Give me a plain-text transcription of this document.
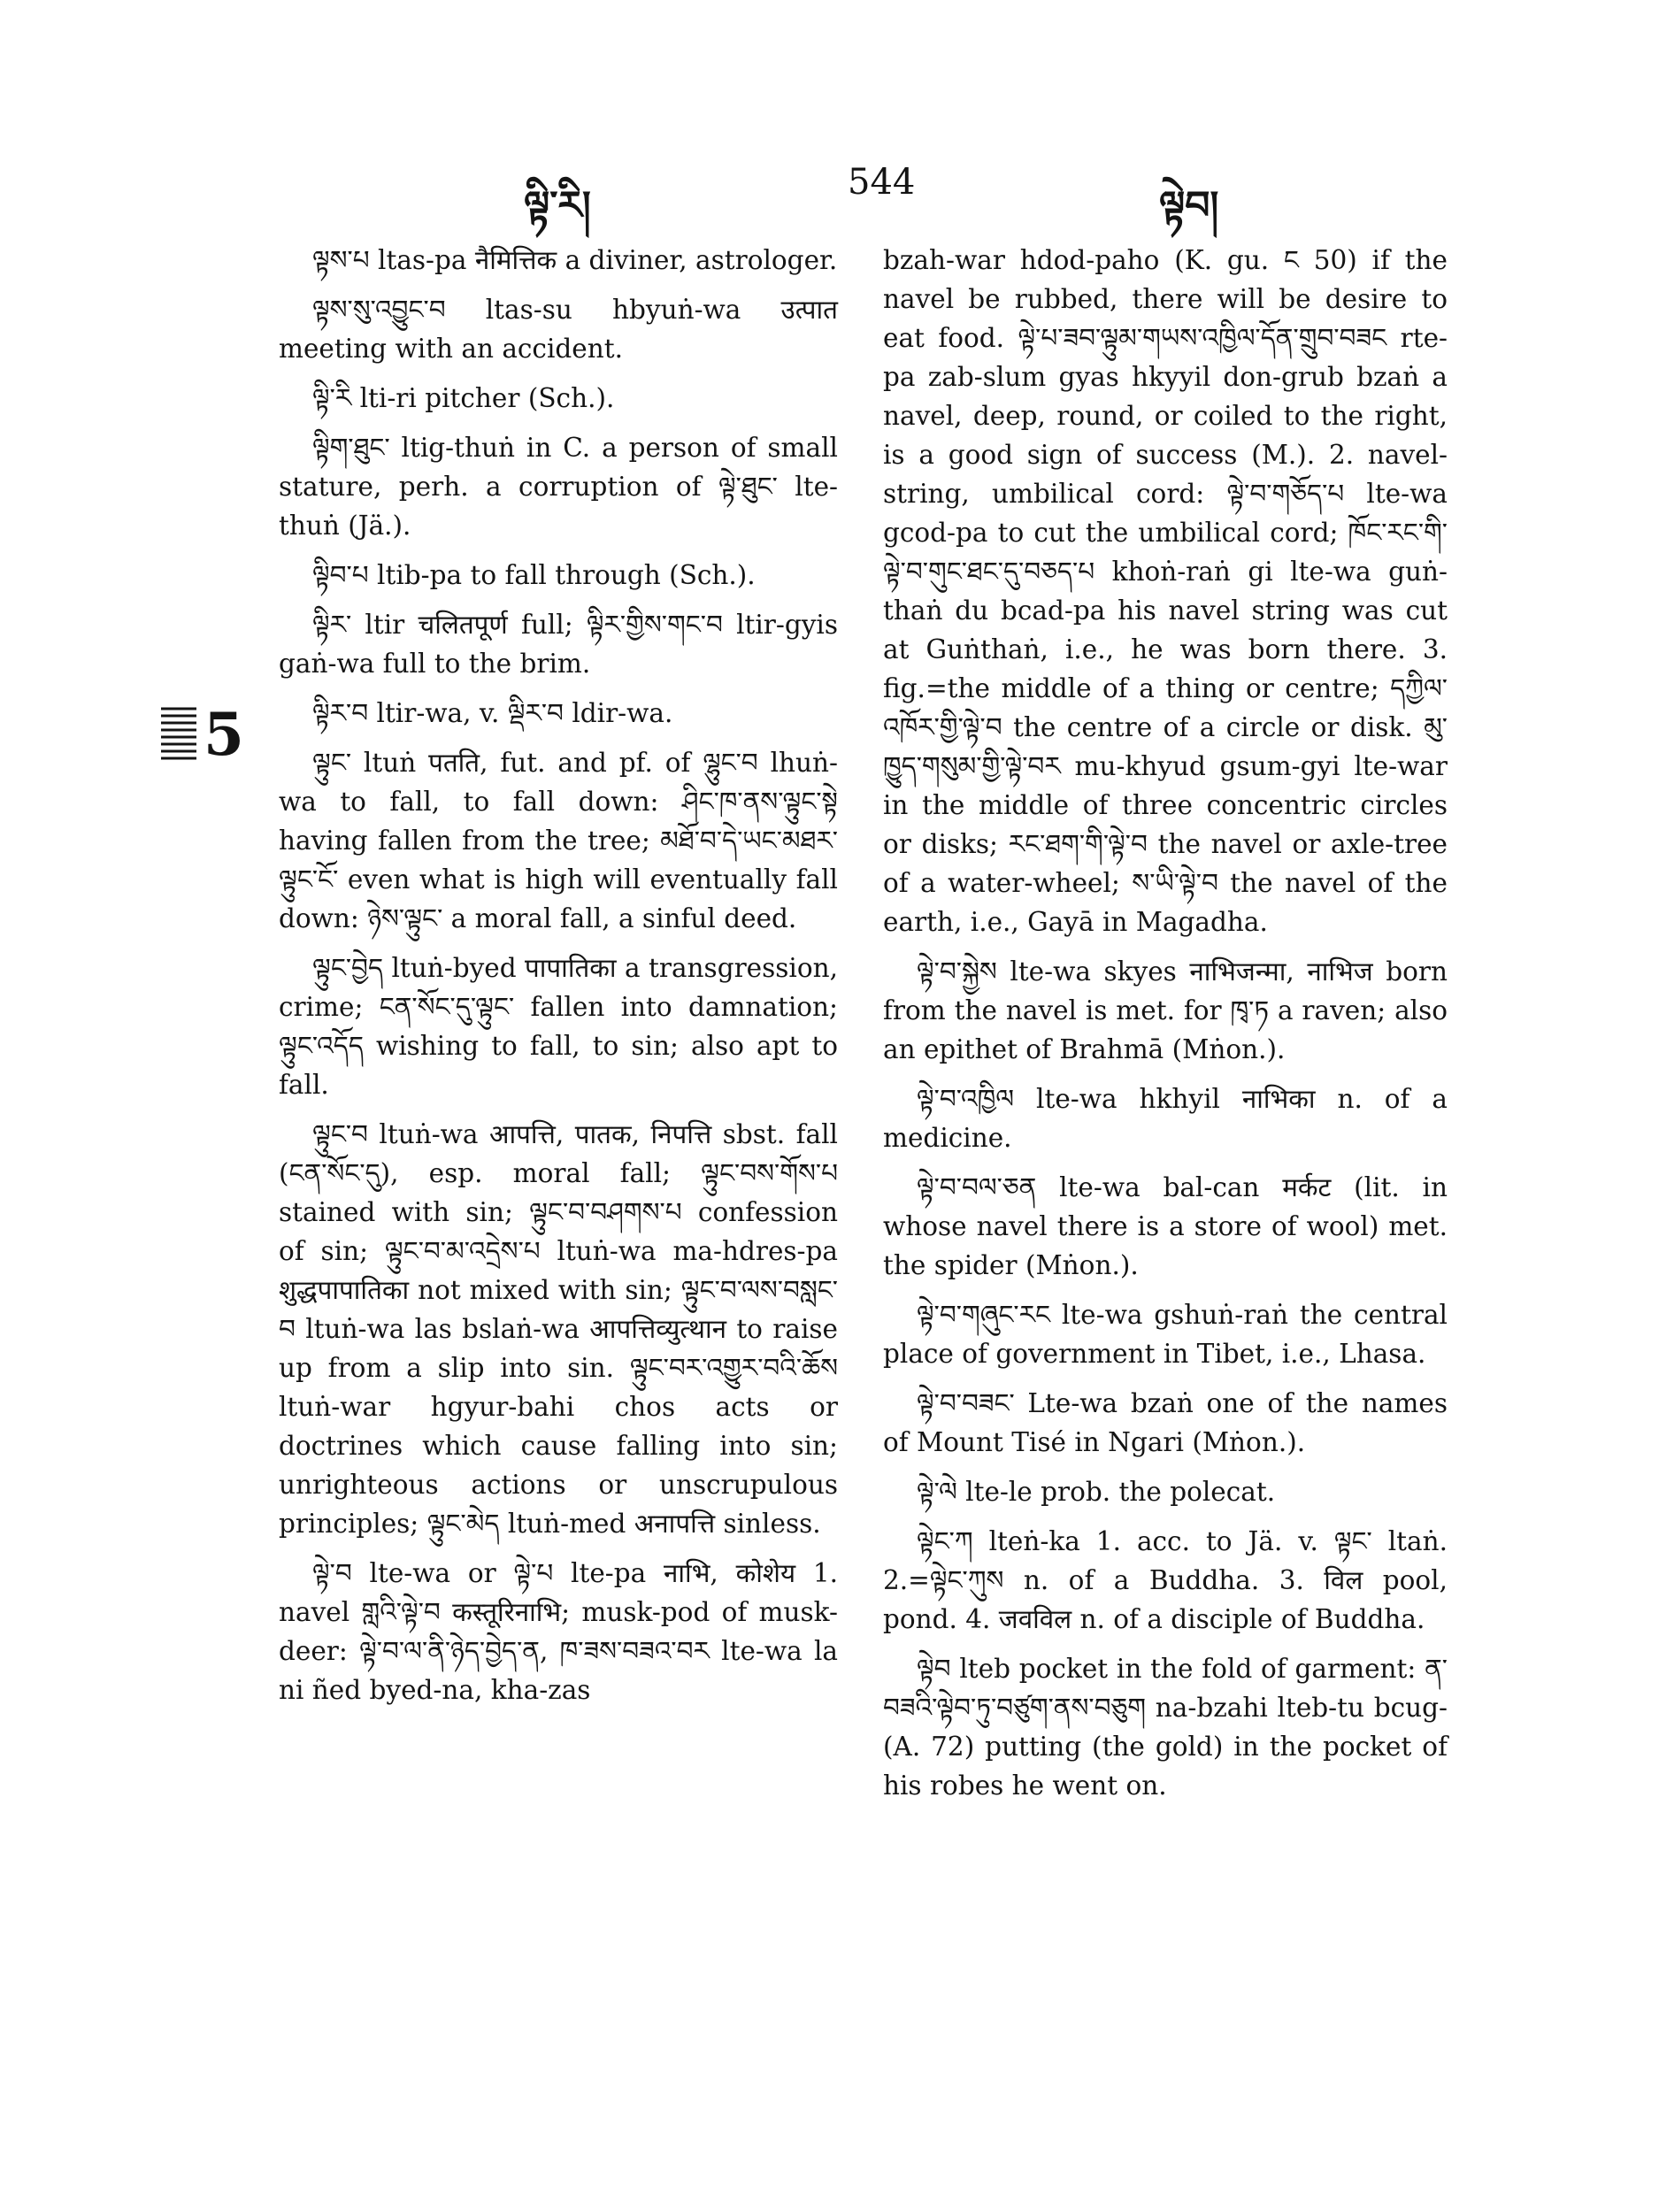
ལྟི་རི།
544
ལྟེབ།
5

ལྟས་པ ltas-pa नैमित्तिक a diviner, astrologer.

ལྟས་སུ་འབྱུང་བ ltas-su hbyuṅ-wa उत्पात meeting with an accident.

ལྟི་རི lti-ri pitcher (Sch.).

ལྟིག་ཐུང་ ltig-thuṅ in C. a person of small stature, perh. a corruption of ལྟེ་ཐུང་ lte-thuṅ (Jä.).

ལྟིབ་པ ltib-pa to fall through (Sch.).

ལྟིར་ ltir चलितपूर्ण full; ལྟིར་གྱིས་གང་བ ltir-gyis gaṅ-wa full to the brim.

ལྟིར་བ ltir-wa, v. ལྡིར་བ ldir-wa.

ལྟུང་ ltuṅ पतति, fut. and pf. of ལྷུང་བ lhuṅ-wa to fall, to fall down: ཤིང་ཁ་ནས་ལྟུང་སྟེ having fallen from the tree; མཐོ་བ་དེ་ཡང་མཐར་ལྟུང་ངོ་ even what is high will eventually fall down: ཉེས་ལྟུང་ a moral fall, a sinful deed.

ལྟུང་བྱེད ltuṅ-byed पापातिका a transgression, crime; ངན་སོང་དུ་ལྟུང་ fallen into damnation; ལྟུང་འདོད wishing to fall, to sin; also apt to fall.

ལྟུང་བ ltuṅ-wa आपत्ति, पातक, निपत्ति sbst. fall (ངན་སོང་དུ), esp. moral fall; ལྟུང་བས་གོས་པ stained with sin; ལྟུང་བ་བཤགས་པ confession of sin; ལྟུང་བ་མ་འདྲེས་པ ltuṅ-wa ma-hdres-pa शुद्धपापातिका not mixed with sin; ལྟུང་བ་ལས་བསླང་བ ltuṅ-wa las bslaṅ-wa आपत्तिव्युत्थान to raise up from a slip into sin. ལྟུང་བར་འགྱུར་བའི་ཆོས ltuṅ-war hgyur-bahi chos acts or doctrines which cause falling into sin; unrighteous actions or unscrupulous principles; ལྟུང་མེད ltuṅ-med अनापत्ति sinless.

ལྟེ་བ lte-wa or ལྟེ་པ lte-pa नाभि, कोशेय 1. navel གླའི་ལྟེ་བ कस्तूरिनाभि; musk-pod of musk-deer: ལྟེ་བ་ལ་ནི་ཉེད་བྱེད་ན, ཁ་ཟས་བཟའ་བར lte-wa la ni ñed byed-na, kha-zas

bzah-war hdod-paho (K. gu. ང 50) if the navel be rubbed, there will be desire to eat food. ལྟེ་པ་ཟབ་ལྟུམ་གཡས་འཁྱིལ་དོན་གྲུབ་བཟང rte-pa zab-slum gyas hkyyil don-grub bzaṅ a navel, deep, round, or coiled to the right, is a good sign of success (M.). 2. navel-string, umbilical cord: ལྟེ་བ་གཅོད་པ lte-wa gcod-pa to cut the umbilical cord; ཁོང་རང་གི་ལྟེ་བ་གུང་ཐང་དུ་བཅད་པ khoṅ-raṅ gi lte-wa guṅ-thaṅ du bcad-pa his navel string was cut at Guṅthaṅ, i.e., he was born there. 3. fig.=the middle of a thing or centre; དཀྱིལ་འཁོར་གྱི་ལྟེ་བ the centre of a circle or disk. མུ་ཁྱུད་གསུམ་གྱི་ལྟེ་བར mu-khyud gsum-gyi lte-war in the middle of three concentric circles or disks; རང་ཐག་གི་ལྟེ་བ the navel or axle-tree of a water-wheel; ས་ཡི་ལྟེ་བ the navel of the earth, i.e., Gayā in Magadha.

ལྟེ་བ་སྐྱེས lte-wa skyes नाभिजन्मा, नाभिज born from the navel is met. for ཁྭ་ཏ a raven; also an epithet of Brahmā (Mṅon.).

ལྟེ་བ་འཁྱིལ lte-wa hkhyil नाभिका n. of a medicine.

ལྟེ་བ་བལ་ཅན lte-wa bal-can मर्कट (lit. in whose navel there is a store of wool) met. the spider (Mṅon.).

ལྟེ་བ་གཞུང་རང lte-wa gshuṅ-raṅ the central place of government in Tibet, i.e., Lhasa.

ལྟེ་བ་བཟང་ Lte-wa bzaṅ one of the names of Mount Tisé in Ngari (Mṅon.).

ལྟེ་ལེ lte-le prob. the polecat.

ལྟེང་ཀ lteṅ-ka 1. acc. to Jä. v. ལྟང་ ltaṅ. 2.=ལྟེང་ཀུས n. of a Buddha. 3. विल pool, pond. 4. जवविल n. of a disciple of Buddha.

ལྟེབ lteb pocket in the fold of garment: ན་བཟའི་ལྟེབ་ཏུ་བཙུག་ནས་བཅུག na-bzahi lteb-tu bcug- (A. 72) putting (the gold) in the pocket of his robes he went on.
